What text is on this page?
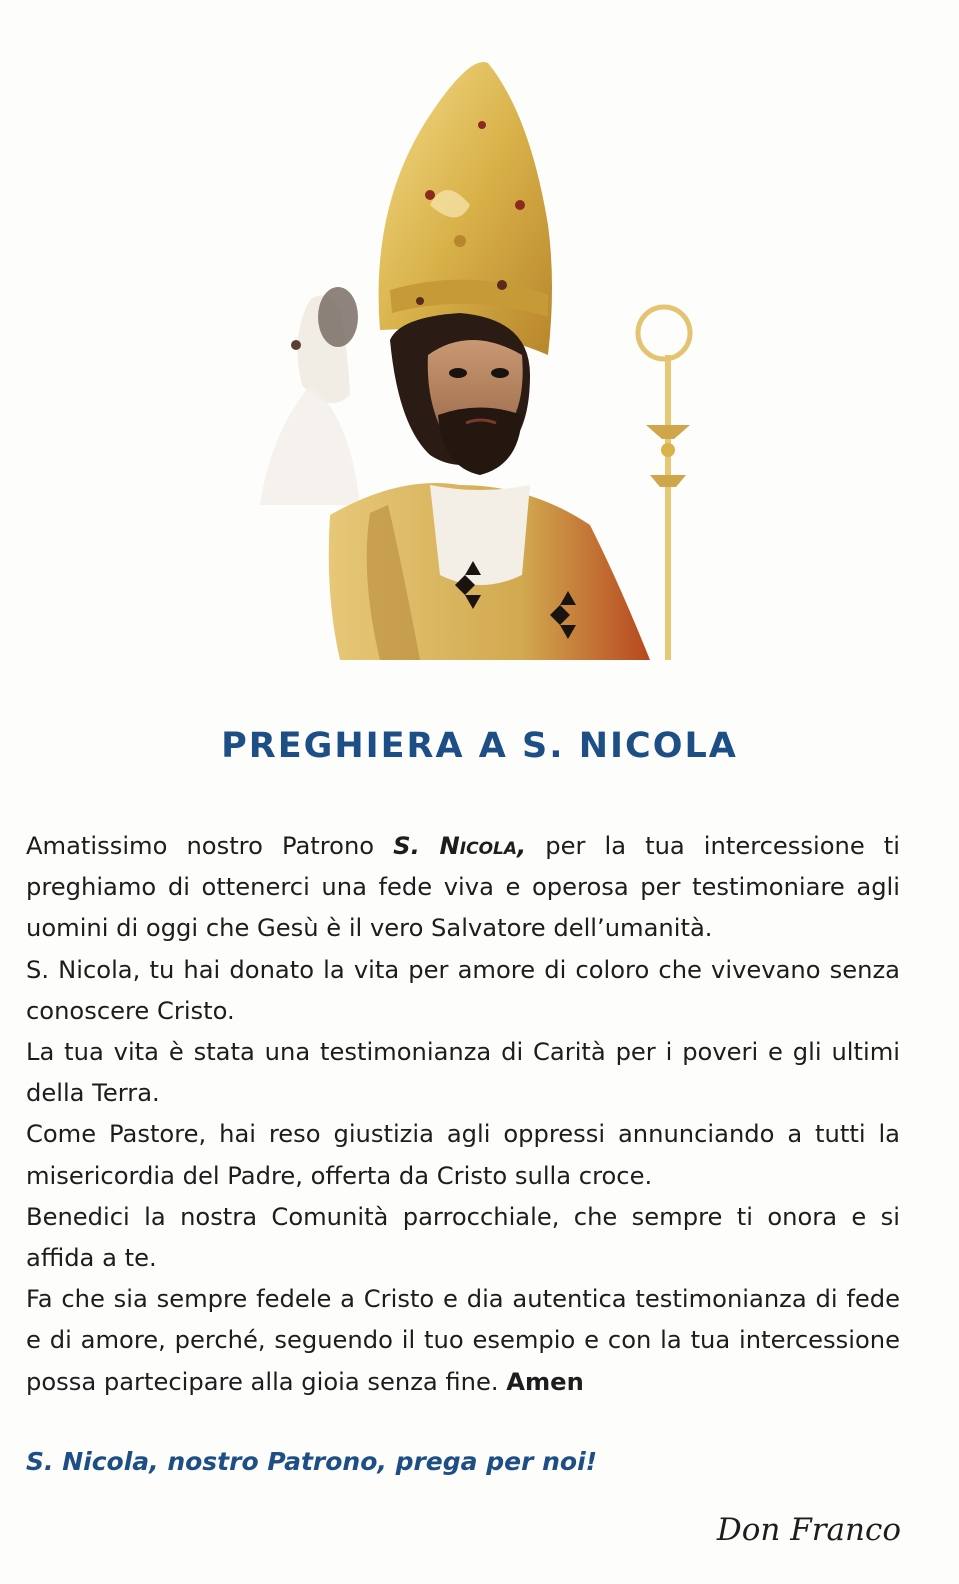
PREGHIERA A S. NICOLA

Amatissimo nostro Patrono S. Nicola, per la tua intercessione ti preghiamo di ottenerci una fede viva e operosa per testimoniare agli uomini di oggi che Gesù è il vero Salvatore dell’umanità.

S. Nicola, tu hai donato la vita per amore di coloro che vivevano senza conoscere Cristo.

La tua vita è stata una testimonianza di Carità per i poveri e gli ultimi della Terra.

Come Pastore, hai reso giustizia agli oppressi annunciando a tutti la misericordia del Padre, offerta da Cristo sulla croce.

Benedici la nostra Comunità parrocchiale, che sempre ti onora e si affida a te.

Fa che sia sempre fedele a Cristo e dia autentica testimonianza di fede e di amore, perché, seguendo il tuo esempio e con la tua intercessione possa partecipare alla gioia senza fine. Amen

S. Nicola, nostro Patrono, prega per noi!
Don Franco
